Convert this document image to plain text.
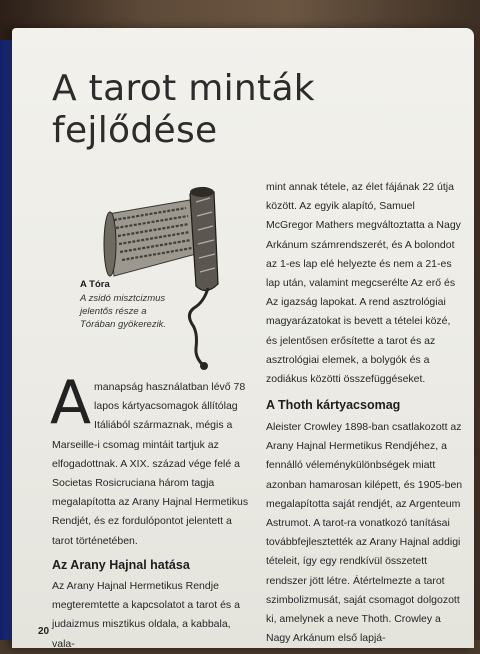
A tarot minták
fejlődése
A Tóra
A zsidó misztcizmus jelentős része a Tórában gyökerezik.

mint annak tétele, az élet fájának 22 útja között. Az egyik alapító, Samuel McGregor Mathers megváltoztatta a Nagy Arkánum számrendszerét, és A bolondot az 1-es lap elé helyezte és nem a 21-es lap után, valamint megcserélte Az erő és Az igazság lapokat. A rend asztrológiai magyarázatokat is bevett a tételei közé, és jelentősen erősítette a tarot és az asztrológiai elemek, a bolygók és a zodiákus közötti összefüggéseket.

A Thoth kártyacsomag

Aleister Crowley 1898-ban csatlakozott az Arany Hajnal Hermetikus Rendjéhez, a fennálló véleménykülönbségek miatt azonban hamarosan kilépett, és 1905-ben megalapította saját rendjét, az Argenteum Astrumot. A tarot-ra vonatkozó tanításai továbbfejlesztették az Arany Hajnal addigi tételeit, így egy rendkívül összetett rendszer jött létre. Átértelmezte a tarot szimbolizmusát, saját csomagot dolgozott ki, amelynek a neve Thoth. Crowley a Nagy Arkánum első lapjá-

A manapság használatban lévő 78 lapos kártyacsomagok állítólag Itáliából származnak, mégis a Marseille-i csomag mintáit tartjuk az elfogadottnak. A XIX. század vége felé a Societas Rosicruciana három tagja megalapította az Arany Hajnal Hermetikus Rendjét, és ez fordulópontot jelentett a tarot történetében.

Az Arany Hajnal hatása

Az Arany Hajnal Hermetikus Rendje megteremtette a kapcsolatot a tarot és a judaizmus misztikus oldala, a kabbala, vala-

20
